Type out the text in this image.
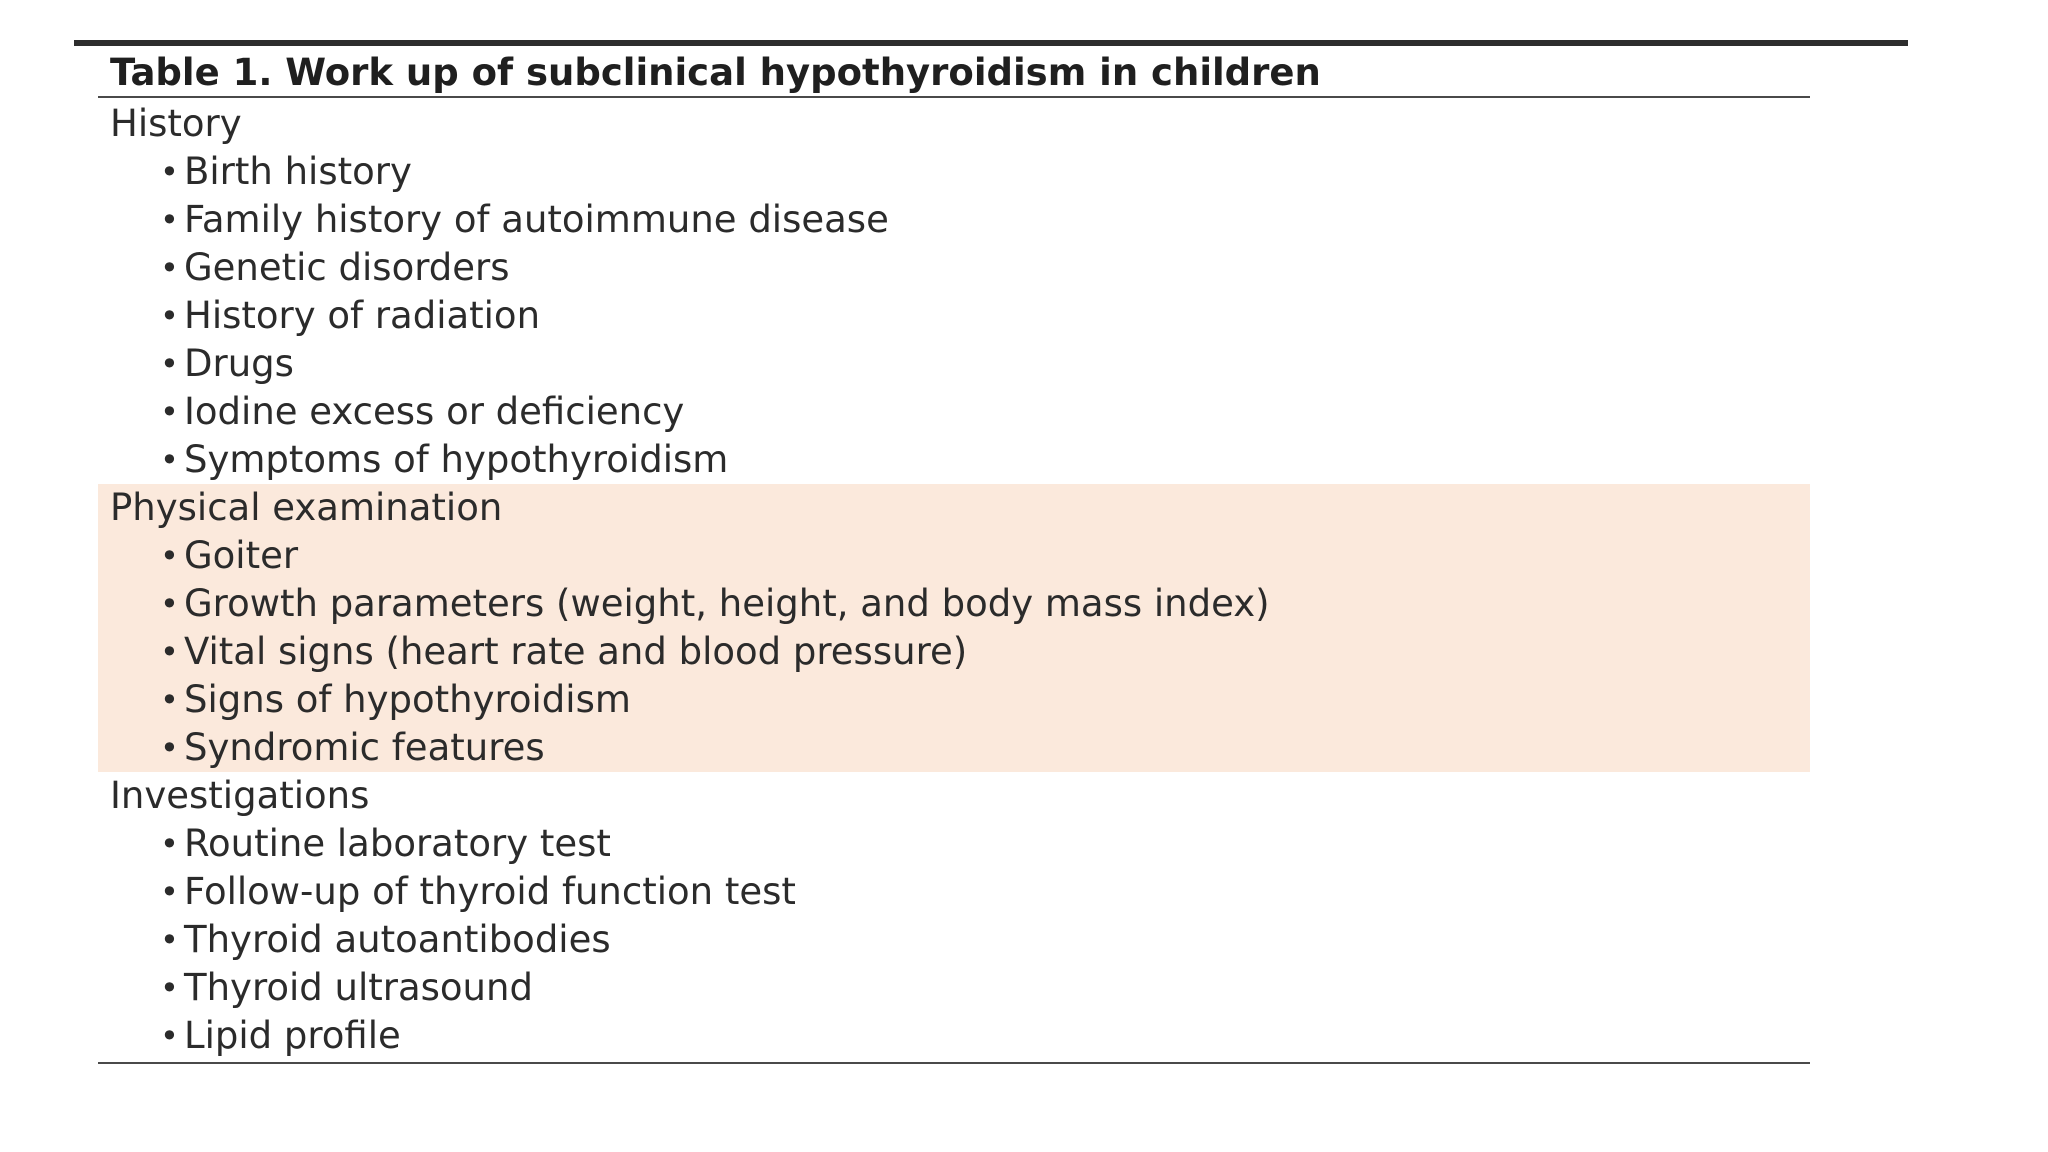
Table 1. Work up of subclinical hypothyroidism in children
History
• Birth history
• Family history of autoimmune disease
• Genetic disorders
• History of radiation
• Drugs
• Iodine excess or deficiency
• Symptoms of hypothyroidism
Physical examination
• Goiter
• Growth parameters (weight, height, and body mass index)
• Vital signs (heart rate and blood pressure)
• Signs of hypothyroidism
• Syndromic features
Investigations
• Routine laboratory test
• Follow-up of thyroid function test
• Thyroid autoantibodies
• Thyroid ultrasound
• Lipid profile
